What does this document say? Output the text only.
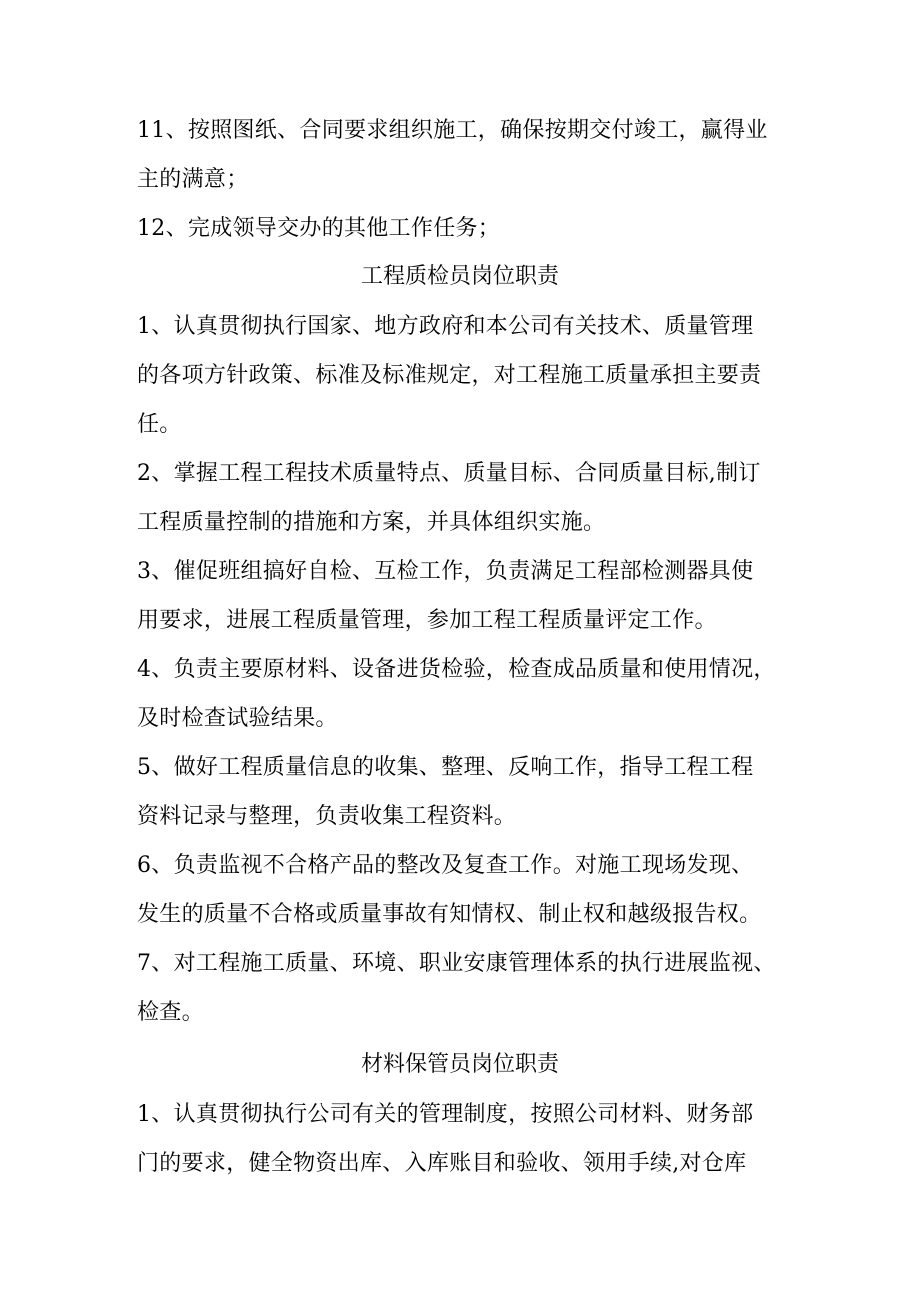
11、按照图纸、合同要求组织施工，确保按期交付竣工，赢得业
主的满意；
12、完成领导交办的其他工作任务；
工程质检员岗位职责
1、认真贯彻执行国家、地方政府和本公司有关技术、质量管理
的各项方针政策、标准及标准规定，对工程施工质量承担主要责
任。
2、掌握工程工程技术质量特点、质量目标、合同质量目标,制订
工程质量控制的措施和方案，并具体组织实施。
3、催促班组搞好自检、互检工作，负责满足工程部检测器具使
用要求，进展工程质量管理，参加工程工程质量评定工作。
4、负责主要原材料、设备进货检验，检查成品质量和使用情况，
及时检查试验结果。
5、做好工程质量信息的收集、整理、反响工作，指导工程工程
资料记录与整理，负责收集工程资料。
6、负责监视不合格产品的整改及复查工作。对施工现场发现、
发生的质量不合格或质量事故有知情权、制止权和越级报告权。
7、对工程施工质量、环境、职业安康管理体系的执行进展监视、
检查。
材料保管员岗位职责
1、认真贯彻执行公司有关的管理制度，按照公司材料、财务部
门的要求，健全物资出库、入库账目和验收、领用手续,对仓库
